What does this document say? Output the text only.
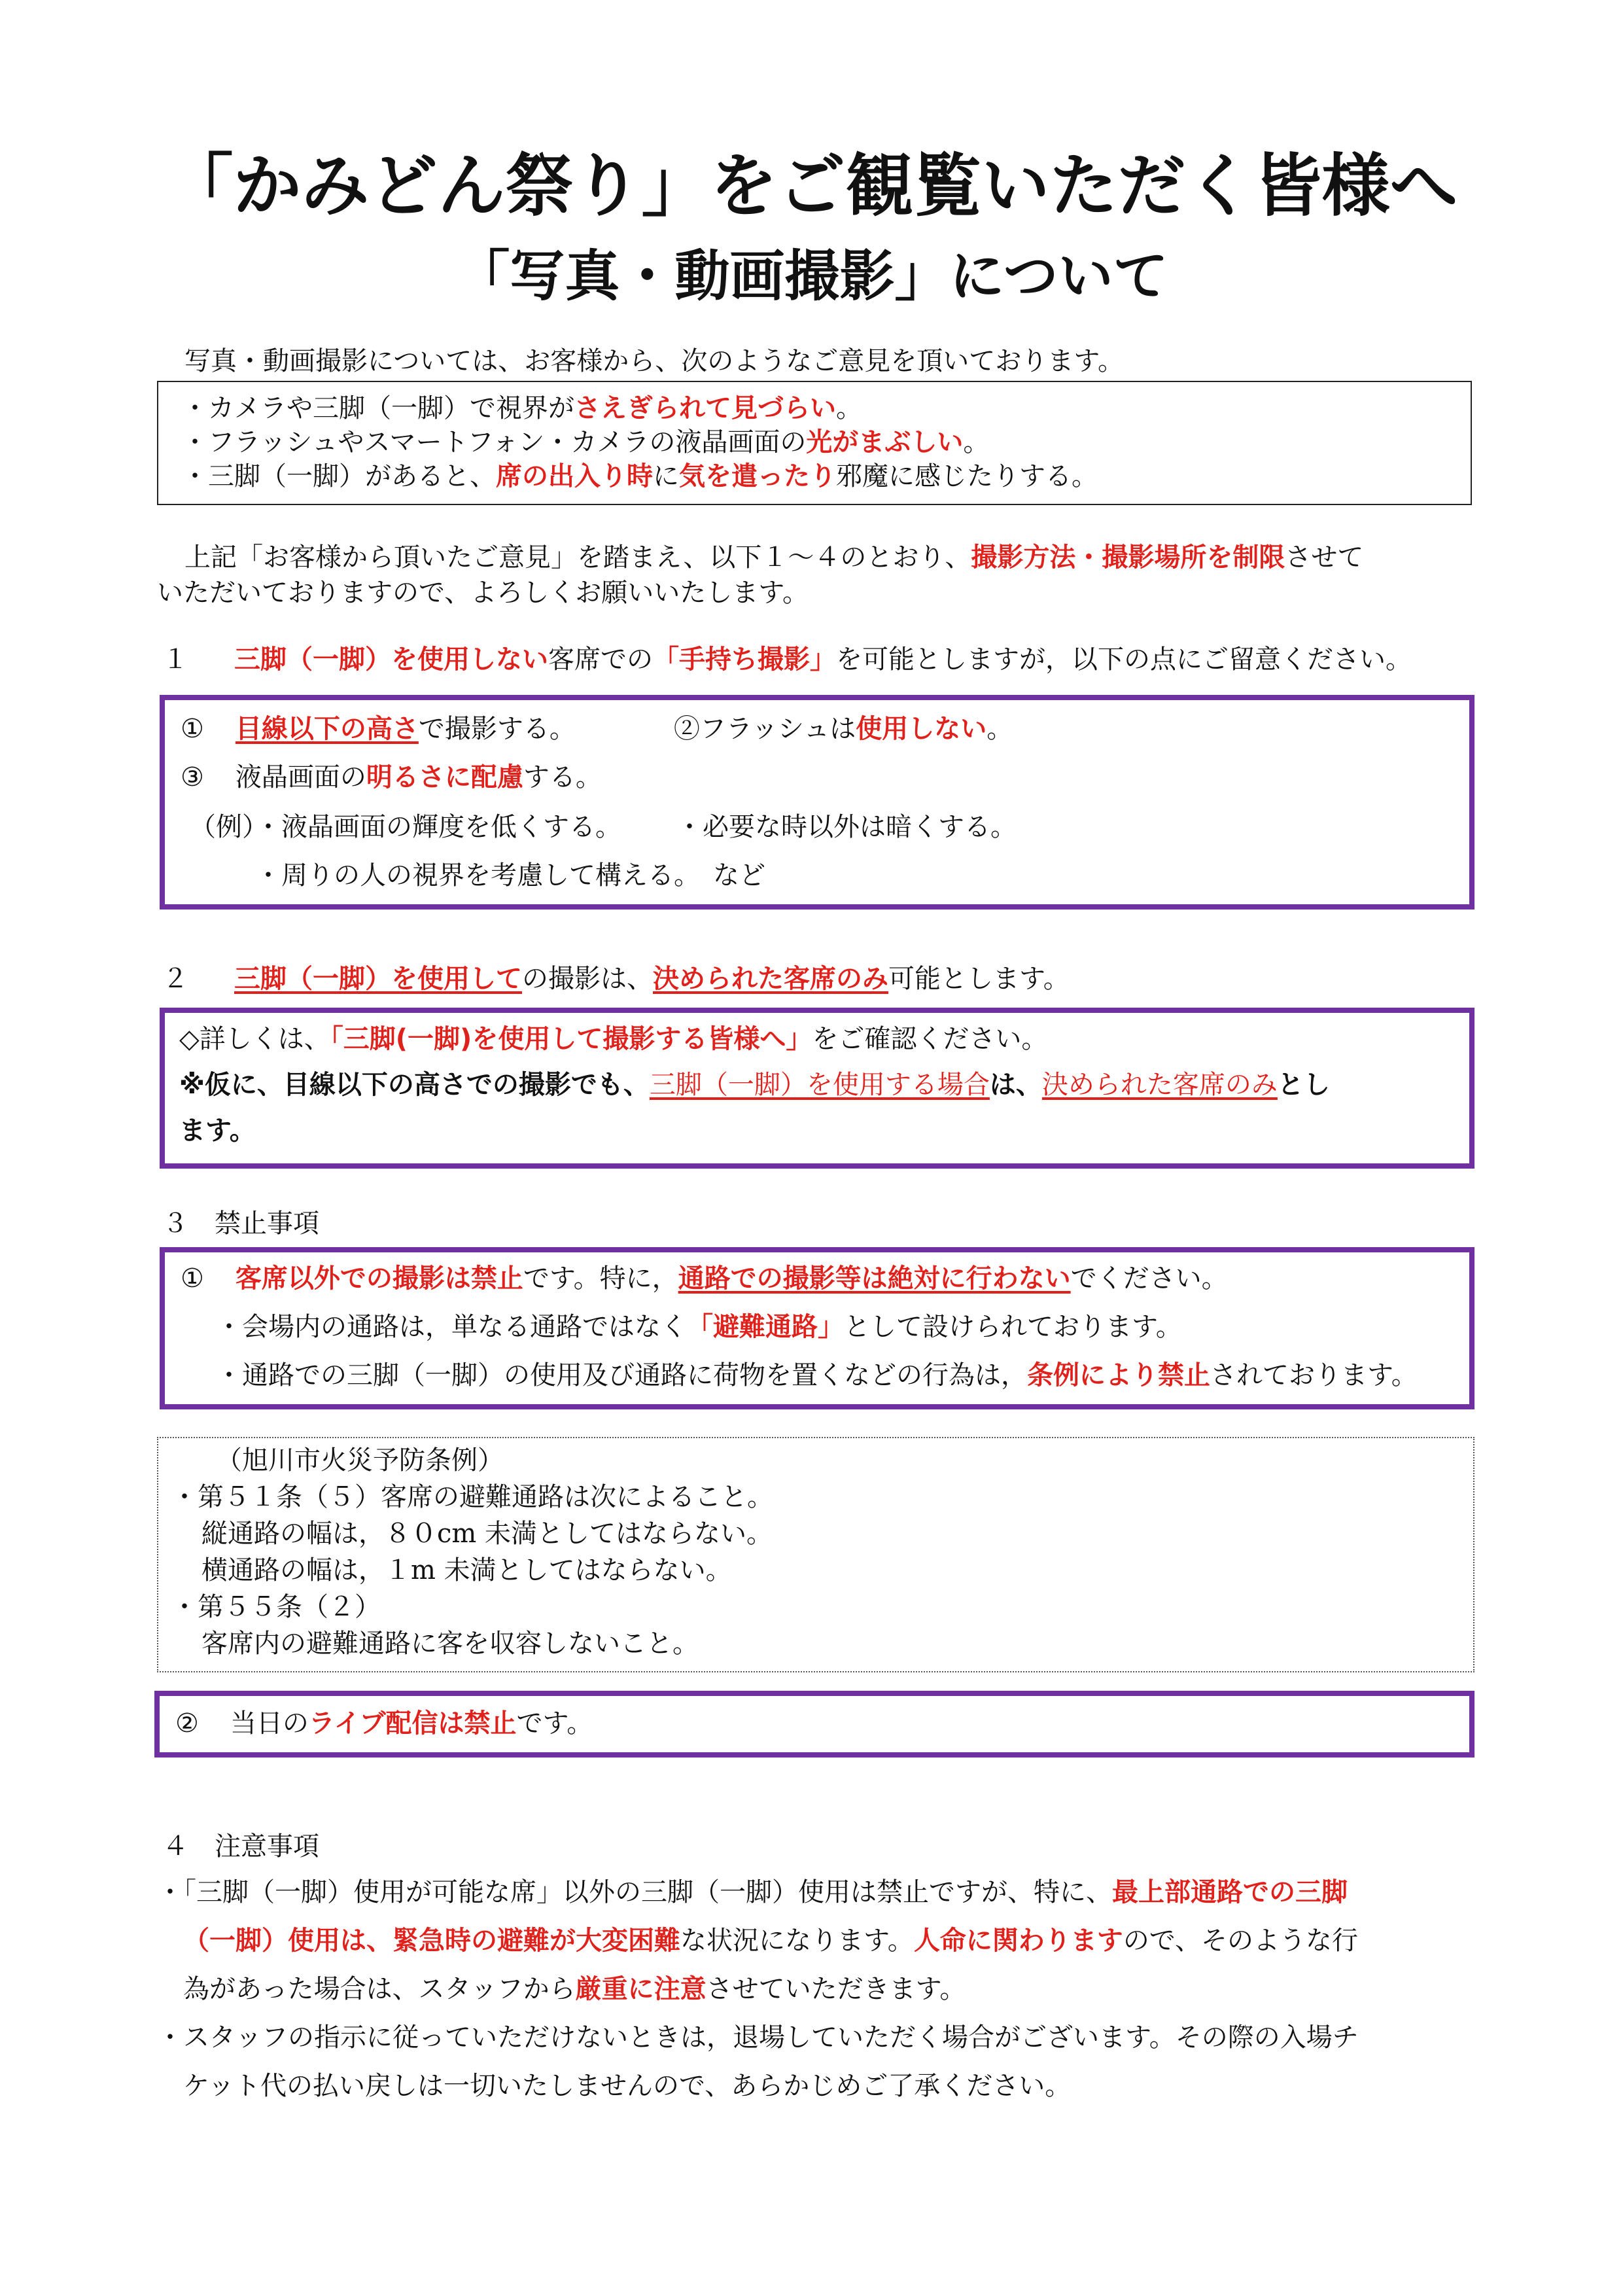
「かみどん祭り」をご観覧いただく皆様へ
「写真・動画撮影」について
写真・動画撮影については、お客様から、次のようなご意見を頂いております。
・カメラや三脚（一脚）で視界がさえぎられて見づらい。
・フラッシュやスマートフォン・カメラの液晶画面の光がまぶしい。
・三脚（一脚）があると、席の出入り時に気を遣ったり邪魔に感じたりする。
上記「お客様から頂いたご意見」を踏まえ、以下１～４のとおり、撮影方法・撮影場所を制限させて
いただいておりますので、よろしくお願いいたします。
１ 三脚（一脚）を使用しない客席での「手持ち撮影」を可能としますが，以下の点にご留意ください。
① 目線以下の高さで撮影する。	②フラッシュは使用しない。
③ 液晶画面の明るさに配慮する。
（例）・液晶画面の輝度を低くする。 ・必要な時以外は暗くする。
・周りの人の視界を考慮して構える。　など
２ 三脚（一脚）を使用しての撮影は、決められた客席のみ可能とします。
◇詳しくは、「三脚(一脚)を使用して撮影する皆様へ」をご確認ください。
※仮に、目線以下の高さでの撮影でも、三脚（一脚）を使用する場合は、決められた客席のみとし
ます。
３　禁止事項
① 客席以外での撮影は禁止です。特に，通路での撮影等は絶対に行わないでください。
・会場内の通路は，単なる通路ではなく「避難通路」として設けられております。
・通路での三脚（一脚）の使用及び通路に荷物を置くなどの行為は，条例により禁止されております。
（旭川市火災予防条例）
・第５１条（５）客席の避難通路は次によること。
縦通路の幅は，８０cm 未満としてはならない。
横通路の幅は，１m 未満としてはならない。
・第５５条（２）
客席内の避難通路に客を収容しないこと。
② 当日のライブ配信は禁止です。
４　注意事項
・「三脚（一脚）使用が可能な席」以外の三脚（一脚）使用は禁止ですが、特に、最上部通路での三脚
（一脚）使用は、緊急時の避難が大変困難な状況になります。人命に関わりますので、そのような行
為があった場合は、スタッフから厳重に注意させていただきます。
・スタッフの指示に従っていただけないときは，退場していただく場合がございます。その際の入場チ
ケット代の払い戻しは一切いたしませんので、あらかじめご了承ください。
